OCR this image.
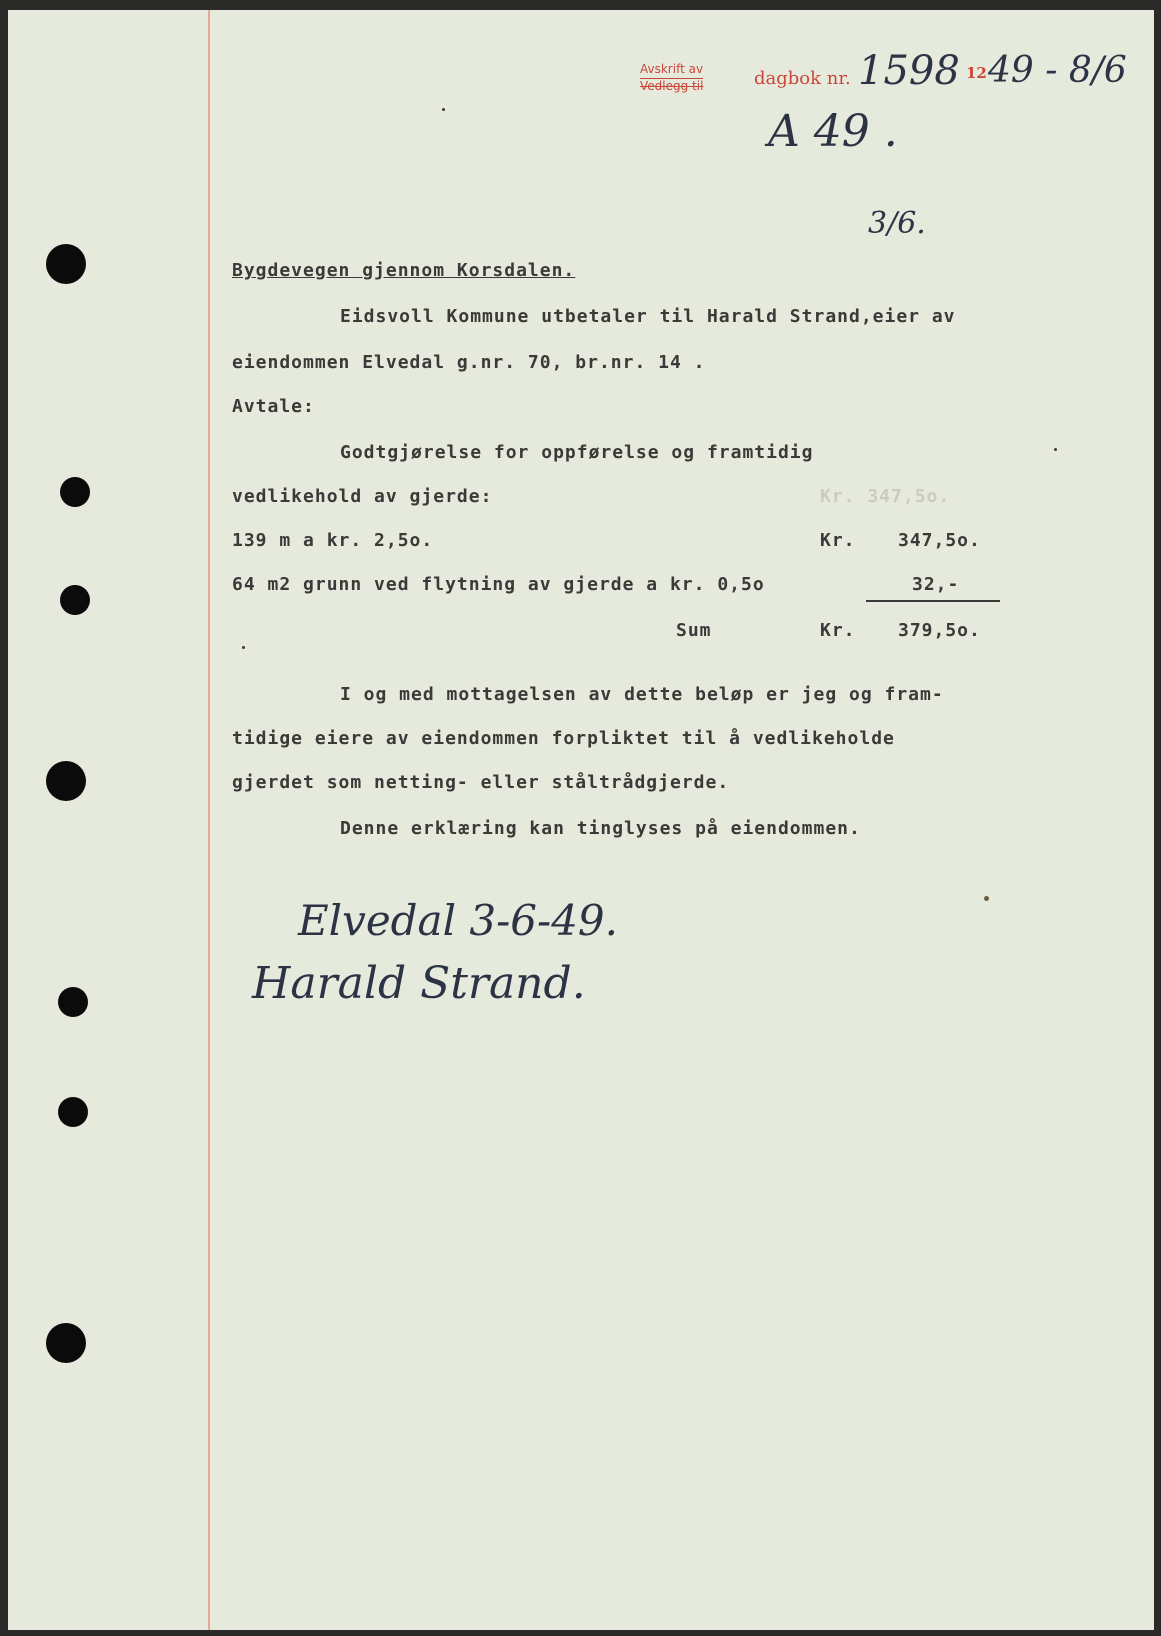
Avskrift av
Vedlegg til	dagbok nr. 1598 12 49 - 8/6
A 49 .
3/6.
Bygdevegen gjennom Korsdalen.
Eidsvoll Kommune utbetaler til Harald Strand,eier av
eiendommen Elvedal g.nr. 70, br.nr. 14 .
Avtale:
Godtgjørelse for oppførelse og framtidig
vedlikehold av gjerde:	Kr. 347,5o.
139 m a kr. 2,5o.	Kr. 347,5o.
64 m2 grunn ved flytning av gjerde a kr. 0,5o	32,-
Sum	Kr. 379,5o.
I og med mottagelsen av dette beløp er jeg og fram-
tidige eiere av eiendommen forpliktet til å vedlikeholde
gjerdet som netting- eller ståltrådgjerde.
Denne erklæring kan tinglyses på eiendommen.
Elvedal 3-6-49.
Harald Strand.
